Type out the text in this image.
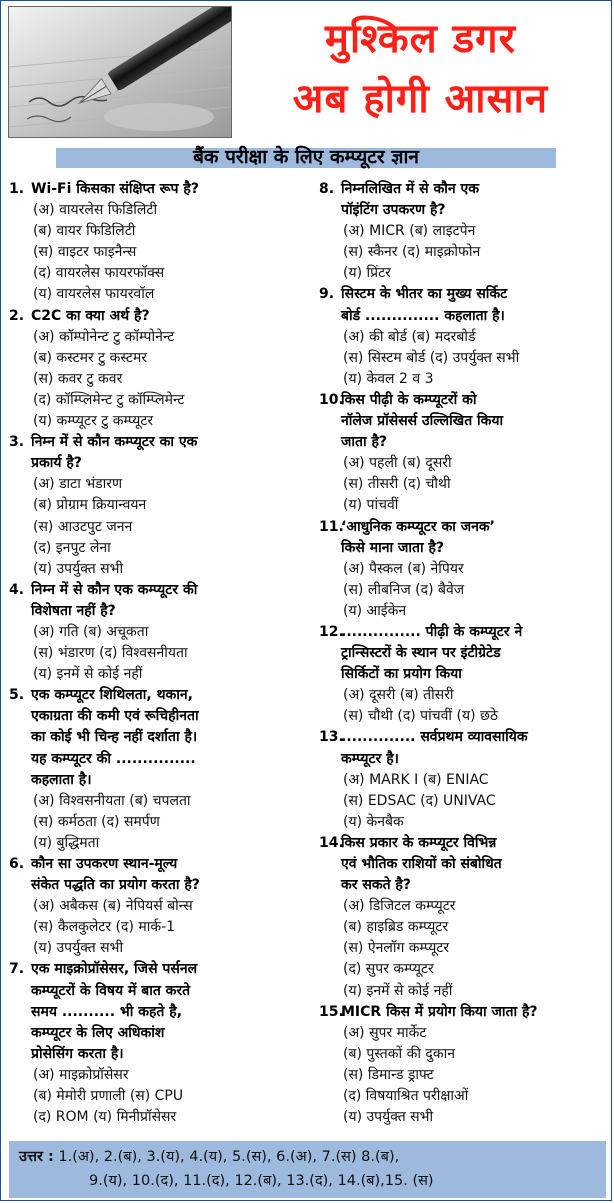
मुश्किल डगर
अब होगी आसान
बैंक परीक्षा के लिए कम्प्यूटर ज्ञान
1. Wi-Fi किसका संक्षिप्त रूप है?
(अ) वायरलेस फिडिलिटी
(ब) वायर फिडिलिटी
(स) वाइटर फाइनैन्स
(द) वायरलेस फायरफॉक्स
(य) वायरलेस फायरवॉल
2. C2C का क्या अर्थ है?
(अ) कॉम्पोनेन्ट टु कॉम्पोनेन्ट
(ब) कस्टमर टु कस्टमर
(स) कवर टु कवर
(द) कॉम्प्लिमेन्ट टु कॉम्प्लिमेन्ट
(य) कम्प्यूटर टु कम्प्यूटर
3. निम्न में से कौन कम्प्यूटर का एक
प्रकार्य है?
(अ) डाटा भंडारण
(ब) प्रोग्राम क्रियान्वयन
(स) आउटपुट जनन
(द) इनपुट लेना
(य) उपर्युक्त सभी
4. निम्न में से कौन एक कम्प्यूटर की
विशेषता नहीं है?
(अ) गति (ब) अचूकता
(स) भंडारण (द) विश्वसनीयता
(य) इनमें से कोई नहीं
5. एक कम्प्यूटर शिथिलता, थकान,
एकाग्रता की कमी एवं रूचिहीनता
का कोई भी चिन्ह नहीं दर्शाता है।
यह कम्प्यूटर की ...............
कहलाता है।
(अ) विश्वसनीयता (ब) चपलता
(स) कर्मठता (द) समर्पण
(य) बुद्धिमता
6. कौन सा उपकरण स्थान-मूल्य
संकेत पद्धति का प्रयोग करता है?
(अ) अबैकस (ब) नेपियर्स बोन्स
(स) कैलकुलेटर (द) मार्क-1
(य) उपर्युक्त सभी
7. एक माइक्रोप्रॉसेसर, जिसे पर्सनल
कम्प्यूटरों के विषय में बात करते
समय .......... भी कहते है,
कम्प्यूटर के लिए अधिकांश
प्रोसेसिंग करता है।
(अ) माइक्रोप्रॉसेसर
(ब) मेमोरी प्रणाली (स) CPU
(द) ROM (य) मिनीप्रॉसेसर
8. निम्नलिखित में से कौन एक
पॉइंटिंग उपकरण है?
(अ) MICR (ब) लाइटपेन
(स) स्कैनर (द) माइक्रोफोन
(य) प्रिंटर
9. सिस्टम के भीतर का मुख्य सर्किट
बोर्ड .............. कहलाता है।
(अ) की बोर्ड (ब) मदरबोर्ड
(स) सिस्टम बोर्ड (द) उपर्युक्त सभी
(य) केवल 2 व 3
10.
किस पीढ़ी के कम्प्यूटरों को
नॉलेज प्रॉसेसर्स उल्लिखित किया
जाता है?
(अ) पहली (ब) दूसरी
(स) तीसरी (द) चौथी
(य) पांचवीं
11.
‘आधुनिक कम्प्यूटर का जनक’
किसे माना जाता है?
(अ) पैस्कल (ब) नेपियर
(स) लीबनिज (द) बैवेज
(य) आईकेन
12.
............... पीढ़ी के कम्प्यूटर ने
ट्रान्सिस्टरों के स्थान पर इंटीग्रेटेड
सिर्किटों का प्रयोग किया
(अ) दूसरी (ब) तीसरी
(स) चौथी (द) पांचवीं (य) छठे
13.
.............. सर्वप्रथम व्यावसायिक
कम्प्यूटर है।
(अ) MARK I (ब) ENIAC
(स) EDSAC (द) UNIVAC
(य) केनबैक
14.
किस प्रकार के कम्प्यूटर विभिन्न
एवं भौतिक राशियों को संबोधित
कर सकते है?
(अ) डिजिटल कम्प्यूटर
(ब) हाइब्रिड कम्प्यूटर
(स) ऐनलॉग कम्प्यूटर
(द) सुपर कम्प्यूटर
(य) इनमें से कोई नहीं
15.
MICR किस में प्रयोग किया जाता है?
(अ) सुपर मार्केट
(ब) पुस्तकों की दुकान
(स) डिमान्ड ड्राफ्ट
(द) विषयाश्रित परीक्षाओं
(य) उपर्युक्त सभी
उत्तर : 1.(अ), 2.(ब), 3.(य), 4.(य), 5.(स), 6.(अ), 7.(स) 8.(ब),
9.(य), 10.(द), 11.(द), 12.(ब), 13.(द), 14.(ब),15. (स)
